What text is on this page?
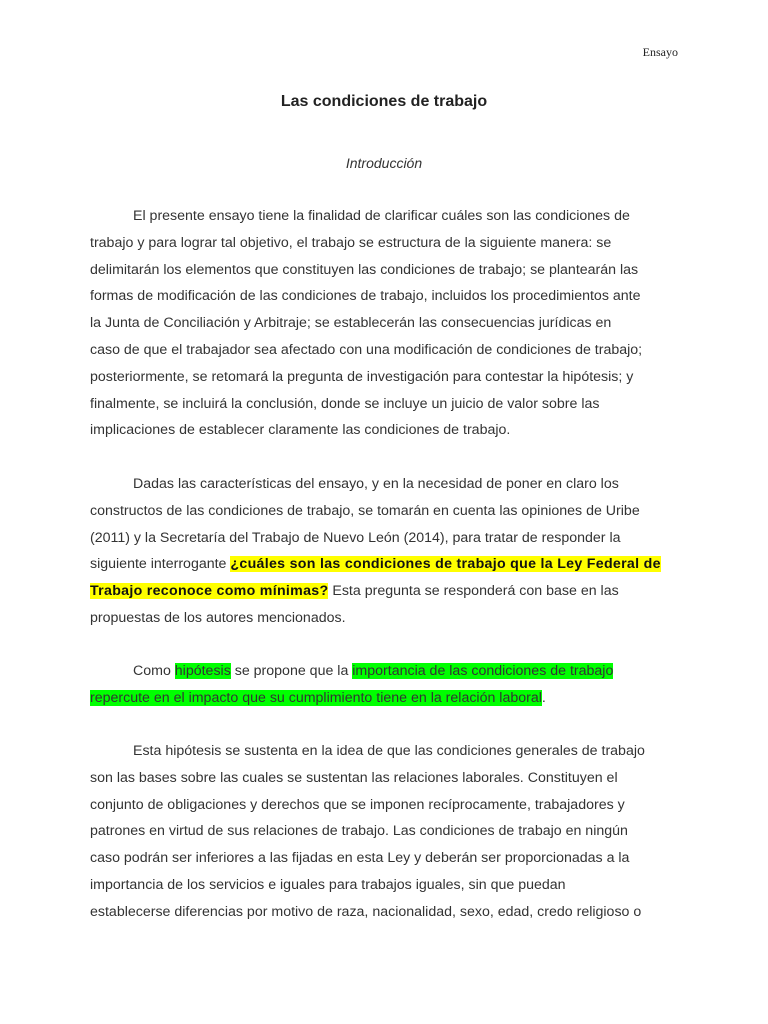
Ensayo
Las condiciones de trabajo
Introducción

El presente ensayo tiene la finalidad de clarificar cuáles son las condiciones de
trabajo y para lograr tal objetivo, el trabajo se estructura de la siguiente manera: se
delimitarán los elementos que constituyen las condiciones de trabajo; se plantearán las
formas de modificación de las condiciones de trabajo, incluidos los procedimientos ante
la Junta de Conciliación y Arbitraje; se establecerán las consecuencias jurídicas en
caso de que el trabajador sea afectado con una modificación de condiciones de trabajo;
posteriormente, se retomará la pregunta de investigación para contestar la hipótesis; y
finalmente, se incluirá la conclusión, donde se incluye un juicio de valor sobre las
implicaciones de establecer claramente las condiciones de trabajo.

Dadas las características del ensayo, y en la necesidad de poner en claro los
constructos de las condiciones de trabajo, se tomarán en cuenta las opiniones de Uribe
(2011) y la Secretaría del Trabajo de Nuevo León (2014), para tratar de responder la
siguiente interrogante ¿cuáles son las condiciones de trabajo que la Ley Federal de
Trabajo reconoce como mínimas? Esta pregunta se responderá con base en las
propuestas de los autores mencionados.

Como hipótesis se propone que la importancia de las condiciones de trabajo
repercute en el impacto que su cumplimiento tiene en la relación laboral.

Esta hipótesis se sustenta en la idea de que las condiciones generales de trabajo
son las bases sobre las cuales se sustentan las relaciones laborales. Constituyen el
conjunto de obligaciones y derechos que se imponen recíprocamente, trabajadores y
patrones en virtud de sus relaciones de trabajo. Las condiciones de trabajo en ningún
caso podrán ser inferiores a las fijadas en esta Ley y deberán ser proporcionadas a la
importancia de los servicios e iguales para trabajos iguales, sin que puedan
establecerse diferencias por motivo de raza, nacionalidad, sexo, edad, credo religioso o
